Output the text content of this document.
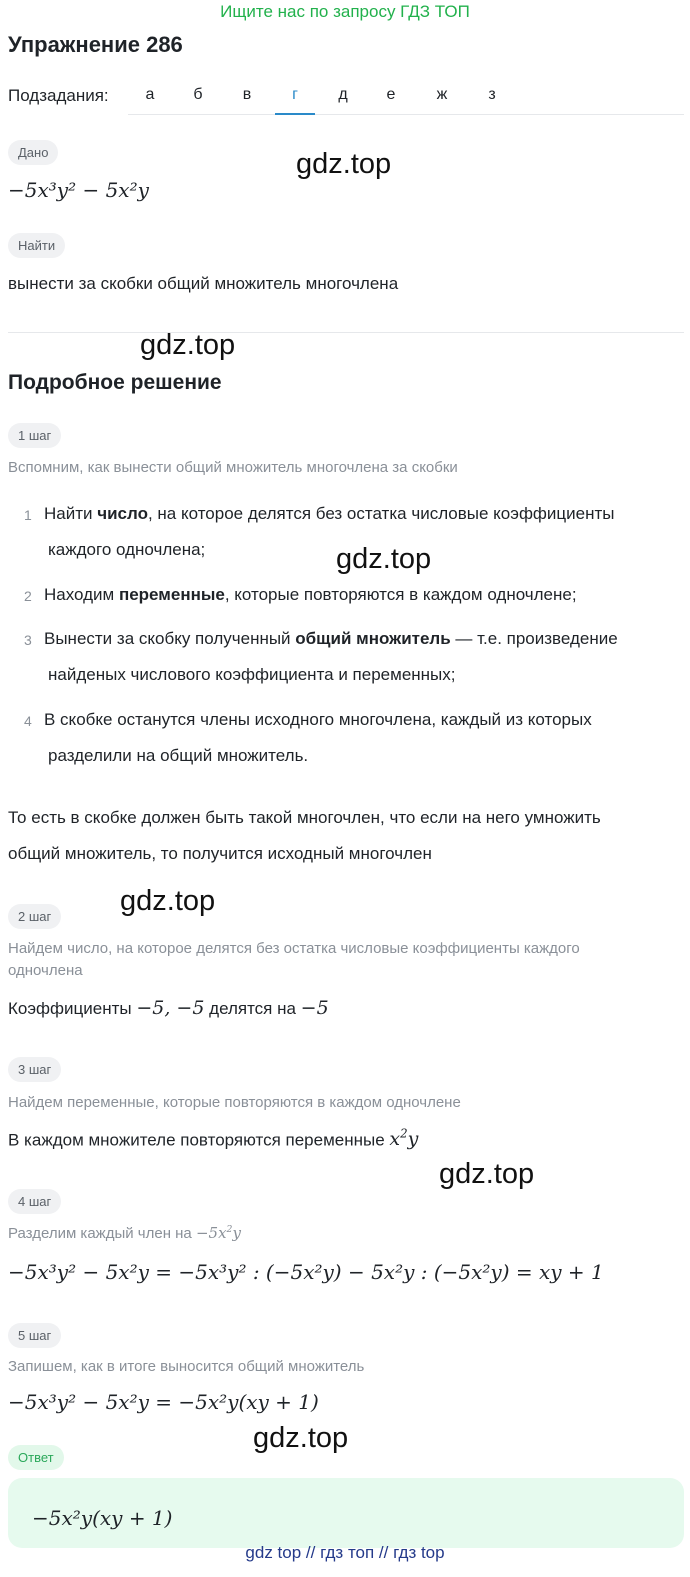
Ищите нас по запросу ГДЗ ТОП
Упражнение 286
Подзадания:	а	б	в	г	д	е	ж	з
Дано
−5x³y² − 5x²y
gdz.top
Найти
вынести за скобки общий множитель многочлена
gdz.top
Подробное решение
1 шаг
Вспомним, как вынести общий множитель многочлена за скобки
1 Найти число, на которое делятся без остатка числовые коэффициенты
каждого одночлена;	gdz.top
2 Находим переменные, которые повторяются в каждом одночлене;
3 Вынести за скобку полученный общий множитель — т.е. произведение
найденых числового коэффициента и переменных;
4 В скобке останутся члены исходного многочлена, каждый из которых
разделили на общий множитель.
То есть в скобке должен быть такой многочлен, что если на него умножить
общий множитель, то получится исходный многочлен
gdz.top
2 шаг
Найдем число, на которое делятся без остатка числовые коэффициенты каждого
одночлена
Коэффициенты −5, −5 делятся на −5
3 шаг
Найдем переменные, которые повторяются в каждом одночлене
В каждом множителе повторяются переменные $x^2y$
gdz.top
4 шаг
Разделим каждый член на $-5x^2y$
−5x³y² − 5x²y = −5x³y² : (−5x²y) − 5x²y : (−5x²y) = xy + 1
5 шаг
Запишем, как в итоге выносится общий множитель
−5x³y² − 5x²y = −5x²y(xy + 1)
gdz.top
Ответ
−5x²y(xy + 1)
gdz top // гдз топ // гдз top
